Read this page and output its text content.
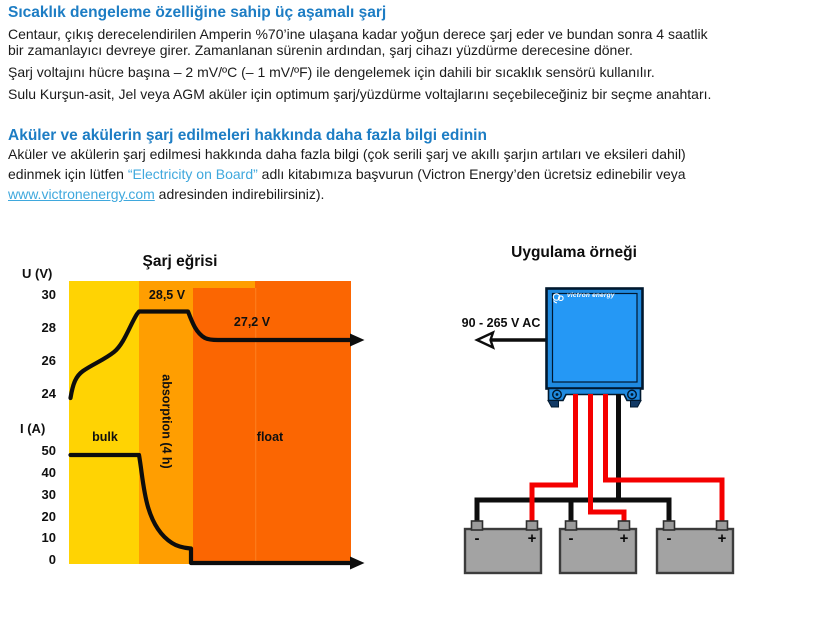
Sıcaklık dengeleme özelliğine sahip üç aşamalı şarj
Centaur, çıkış derecelendirilen Amperin %70’ine ulaşana kadar yoğun derece şarj eder ve bundan sonra 4 saatlik
bir zamanlayıcı devreye girer. Zamanlanan sürenin ardından, şarj cihazı yüzdürme derecesine döner.
Şarj voltajını hücre başına – 2 mV/ºC (– 1 mV/ºF) ile dengelemek için dahili bir sıcaklık sensörü kullanılır.
Sulu Kurşun-asit, Jel veya AGM aküler için optimum şarj/yüzdürme voltajlarını seçebileceğiniz bir seçme anahtarı.
Aküler ve akülerin şarj edilmeleri hakkında daha fazla bilgi edinin
Aküler ve akülerin şarj edilmesi hakkında daha fazla bilgi (çok serili şarj ve akıllı şarjın artıları ve eksileri dahil)
edinmek için lütfen “Electricity on Board” adlı kitabımıza başvurun (Victron Energy’den ücretsiz edinebilir veya
www.victronenergy.com adresinden indirebilirsiniz).
Şarj eğrisi
U (V)
30
28
26
24
I (A)
50
40
30
20
10
0
28,5 V
27,2 V
bulk	absorption (4 h)	float
Uygulama örneği
90 - 265 V AC
victron energy
-	+	-	+	-	+
